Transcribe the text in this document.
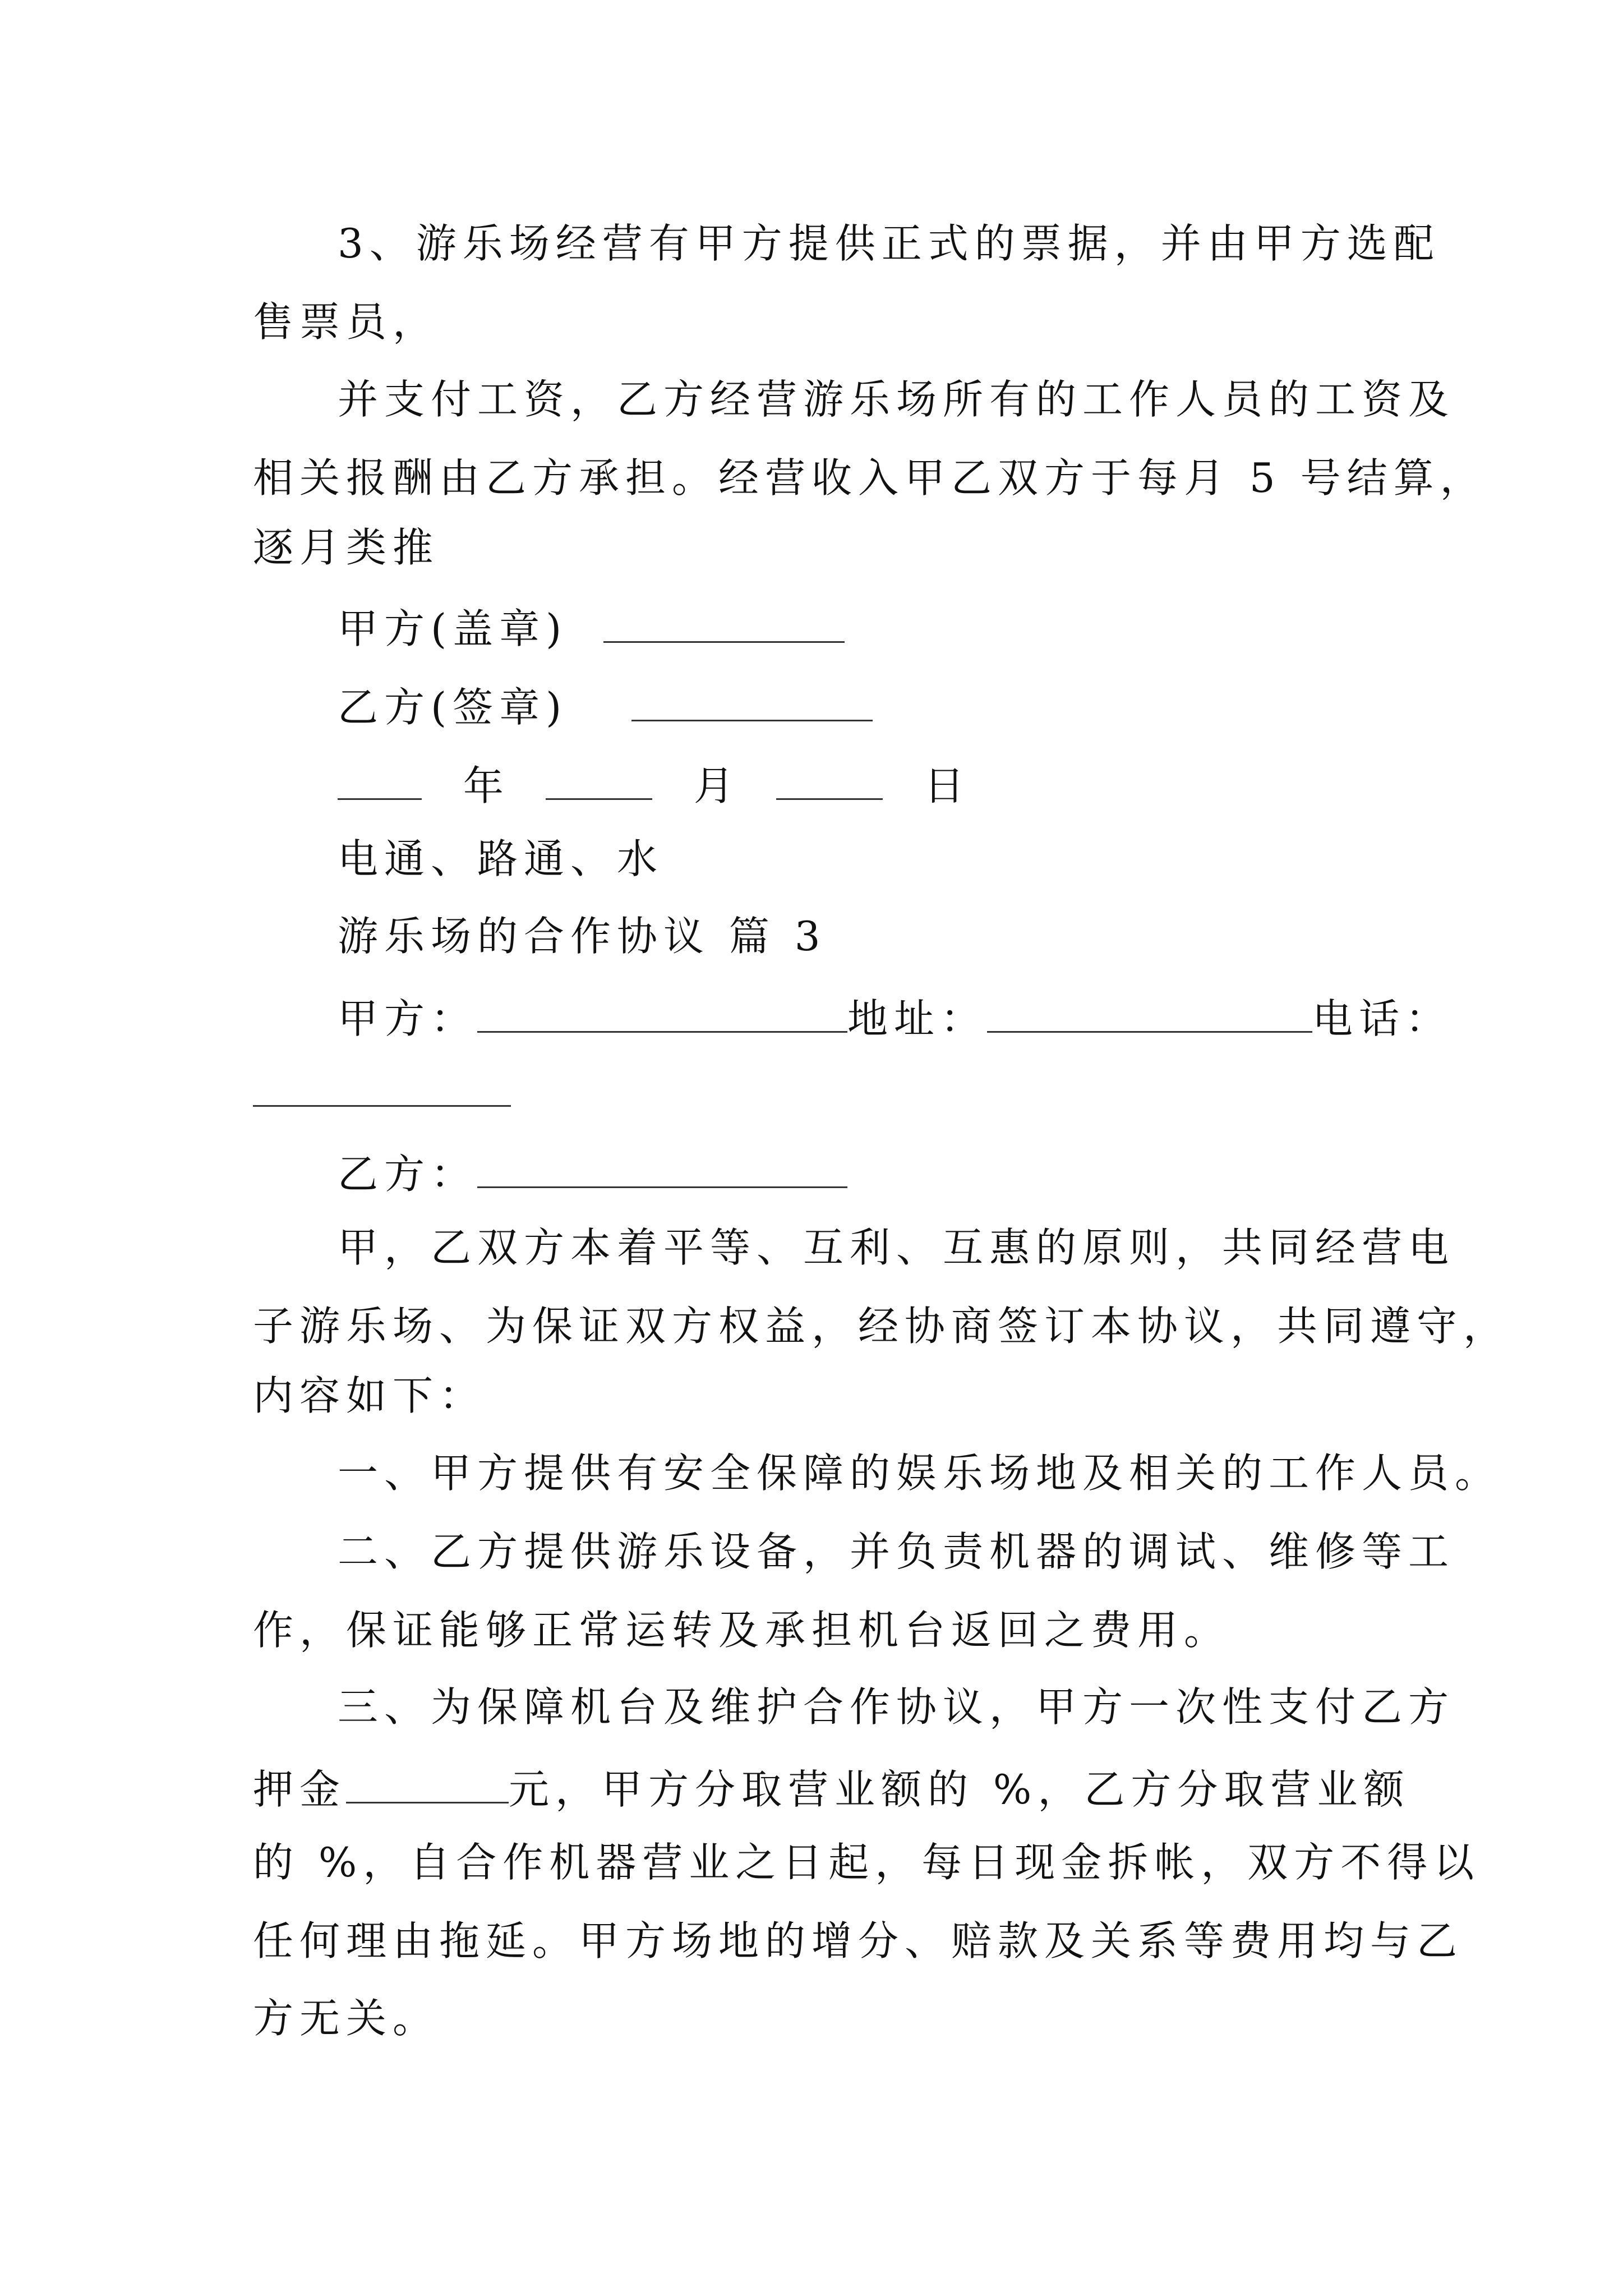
3、游乐场经营有甲方提供正式的票据，并由甲方选配
售票员，
并支付工资，乙方经营游乐场所有的工作人员的工资及
相关报酬由乙方承担。经营收入甲乙双方于每月 5 号结算，
逐月类推
甲方(盖章)
乙方(签章)
年	月	日
电通、路通、水
游乐场的合作协议 篇 3
甲方：	地址：	电话：
乙方：
甲，乙双方本着平等、互利、互惠的原则，共同经营电
子游乐场、为保证双方权益，经协商签订本协议，共同遵守，
内容如下：
一、甲方提供有安全保障的娱乐场地及相关的工作人员。
二、乙方提供游乐设备，并负责机器的调试、维修等工
作，保证能够正常运转及承担机台返回之费用。
三、为保障机台及维护合作协议，甲方一次性支付乙方
押金	元，甲方分取营业额的 %，乙方分取营业额
的 %，自合作机器营业之日起，每日现金拆帐，双方不得以
任何理由拖延。甲方场地的增分、赔款及关系等费用均与乙
方无关。
